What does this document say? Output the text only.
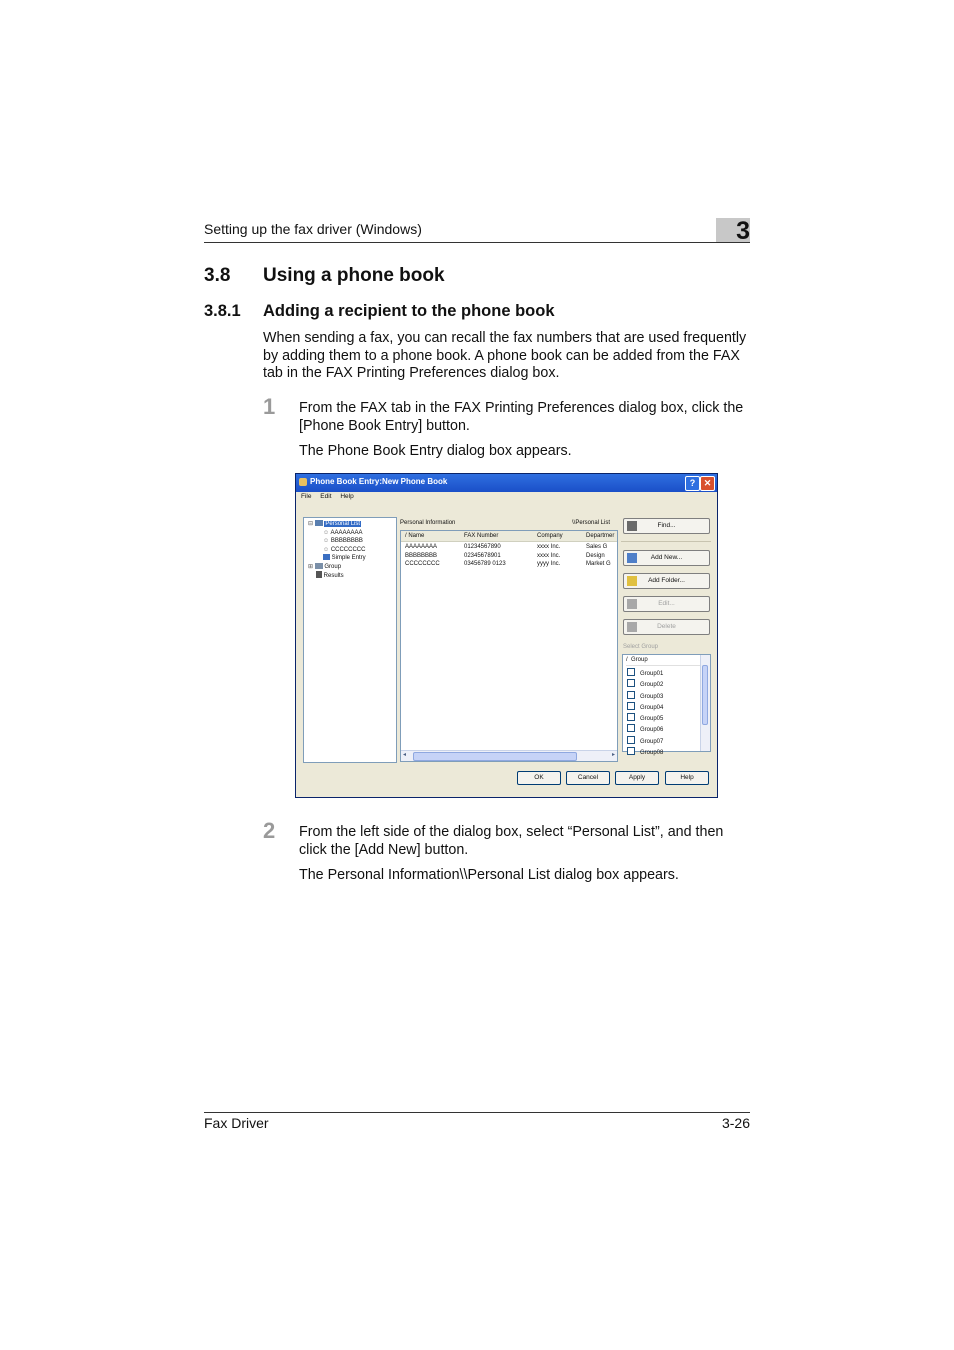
Setting up the fax driver (Windows)	3
3.8 Using a phone book
3.8.1 Adding a recipient to the phone book
When sending a fax, you can recall the fax numbers that are used frequently
by adding them to a phone book. A phone book can be added from the FAX
tab in the FAX Printing Preferences dialog box.
1 From the FAX tab in the FAX Printing Preferences dialog box, click the
[Phone Book Entry] button.
The Phone Book Entry dialog box appears.
Phone Book Entry:New Phone Book	? ✕
File Edit Help
⊟ Personal List
☺ AAAAAAAA
☺ BBBBBBBB
☺ CCCCCCCC
Simple Entry
⊞ Group
Results
Personal Information	\\Personal List
/ Name	FAX Number	Company	Departmer
AAAAAAAA	01234567890	xxxx Inc.	Sales G
BBBBBBBB	02345678901	xxxx Inc.	Design
CCCCCCCC	03456789 0123	yyyy Inc.	Market G
◂	▸
Find...
Add New...
Add Folder...
Edit...
Delete
Select Group
/  Group
Group01
Group02
Group03
Group04
Group05
Group06
Group07
Group08
OK	Cancel	Apply	Help
2 From the left side of the dialog box, select “Personal List”, and then
click the [Add New] button.
The Personal Information\\Personal List dialog box appears.
Fax Driver	3-26
